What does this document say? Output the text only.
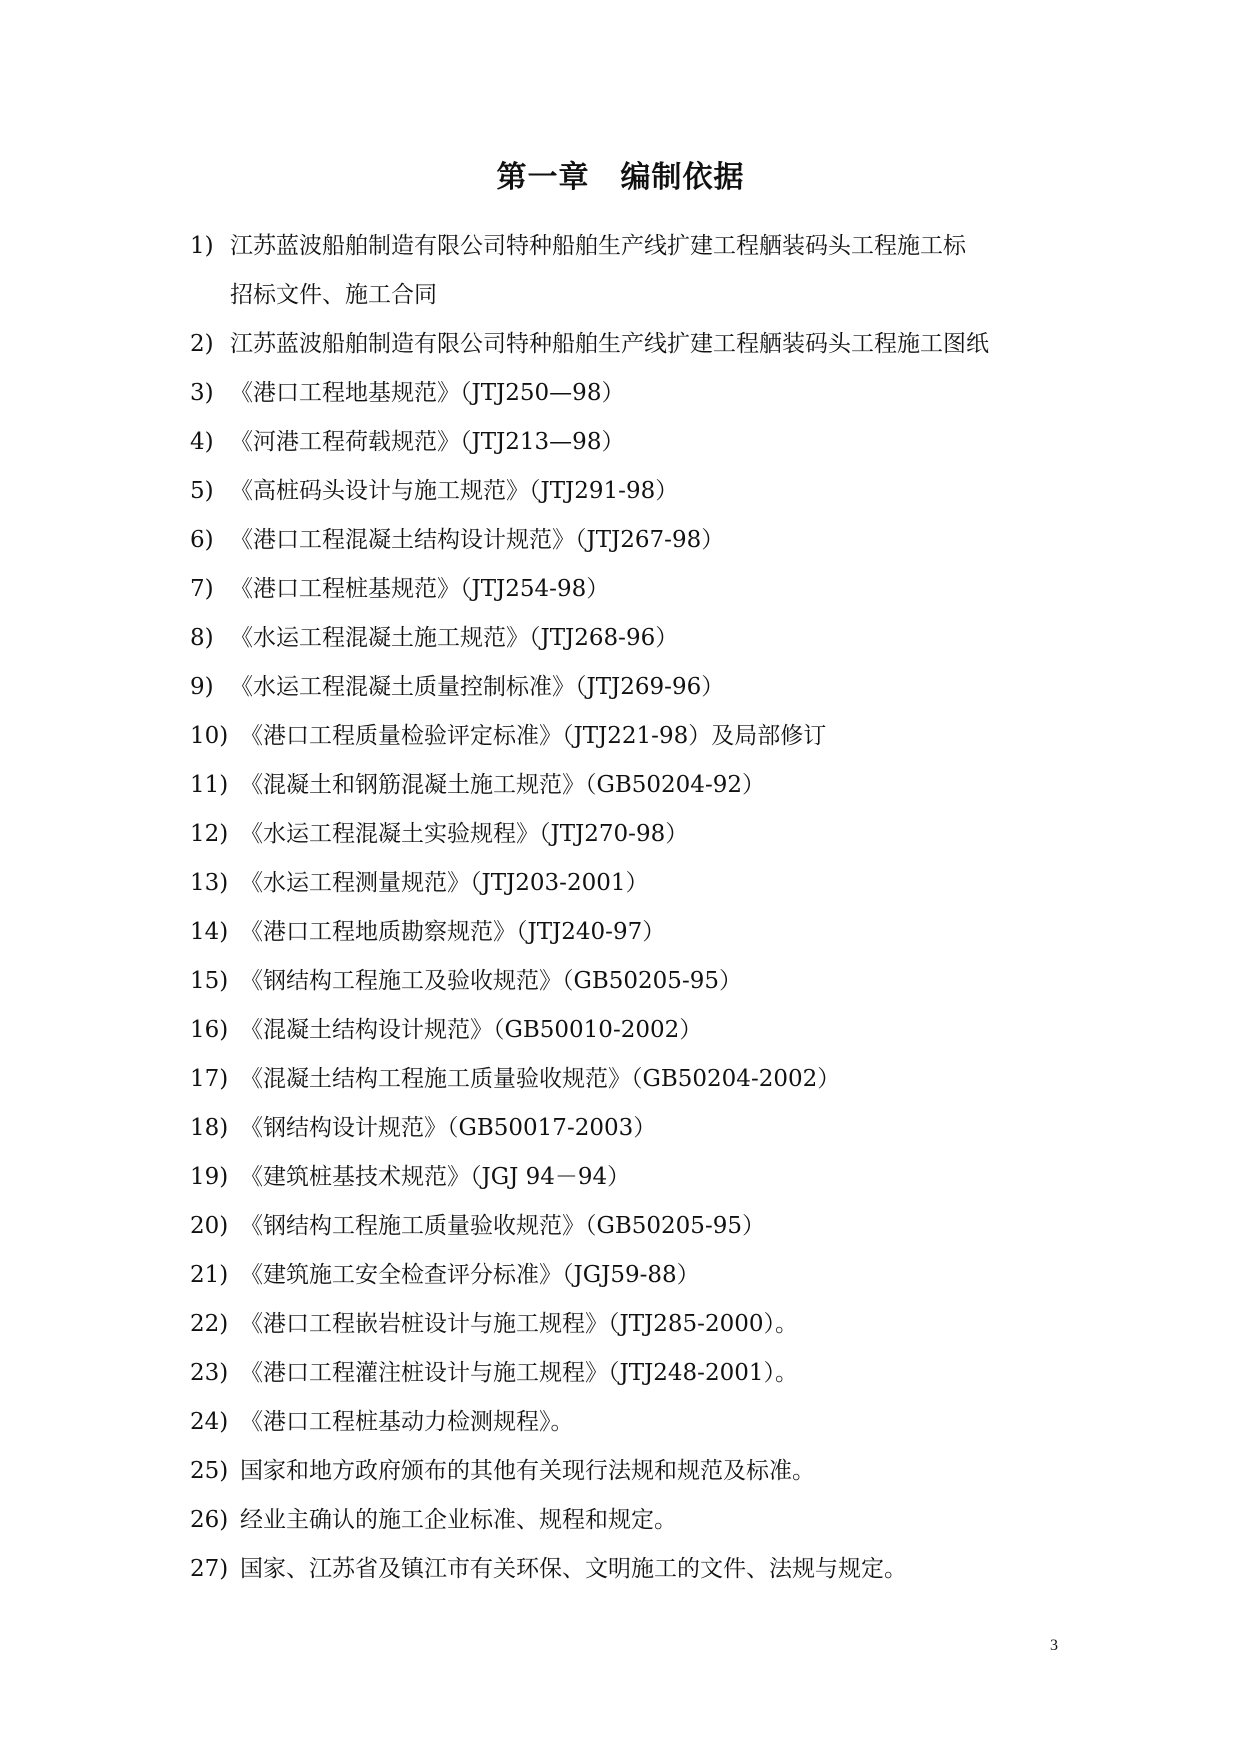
第一章　编制依据
1) 江苏蓝波船舶制造有限公司特种船舶生产线扩建工程舾装码头工程施工标
招标文件、施工合同
2) 江苏蓝波船舶制造有限公司特种船舶生产线扩建工程舾装码头工程施工图纸
3) 《港口工程地基规范》（JTJ250—98）
4) 《河港工程荷载规范》（JTJ213—98）
5) 《高桩码头设计与施工规范》（JTJ291-98）
6) 《港口工程混凝土结构设计规范》（JTJ267-98）
7) 《港口工程桩基规范》（JTJ254-98）
8) 《水运工程混凝土施工规范》（JTJ268-96）
9) 《水运工程混凝土质量控制标准》（JTJ269-96）
10) 《港口工程质量检验评定标准》（JTJ221-98）及局部修订
11) 《混凝土和钢筋混凝土施工规范》（GB50204-92）
12) 《水运工程混凝土实验规程》（JTJ270-98）
13) 《水运工程测量规范》（JTJ203-2001）
14) 《港口工程地质勘察规范》（JTJ240-97）
15) 《钢结构工程施工及验收规范》（GB50205-95）
16) 《混凝土结构设计规范》（GB50010-2002）
17) 《混凝土结构工程施工质量验收规范》（GB50204-2002）
18) 《钢结构设计规范》（GB50017-2003）
19) 《建筑桩基技术规范》（JGJ 94－94）
20) 《钢结构工程施工质量验收规范》（GB50205-95）
21) 《建筑施工安全检查评分标准》（JGJ59-88）
22) 《港口工程嵌岩桩设计与施工规程》（JTJ285-2000）。
23) 《港口工程灌注桩设计与施工规程》（JTJ248-2001）。
24) 《港口工程桩基动力检测规程》。
25) 国家和地方政府颁布的其他有关现行法规和规范及标准。
26) 经业主确认的施工企业标准、规程和规定。
27) 国家、江苏省及镇江市有关环保、文明施工的文件、法规与规定。
3
